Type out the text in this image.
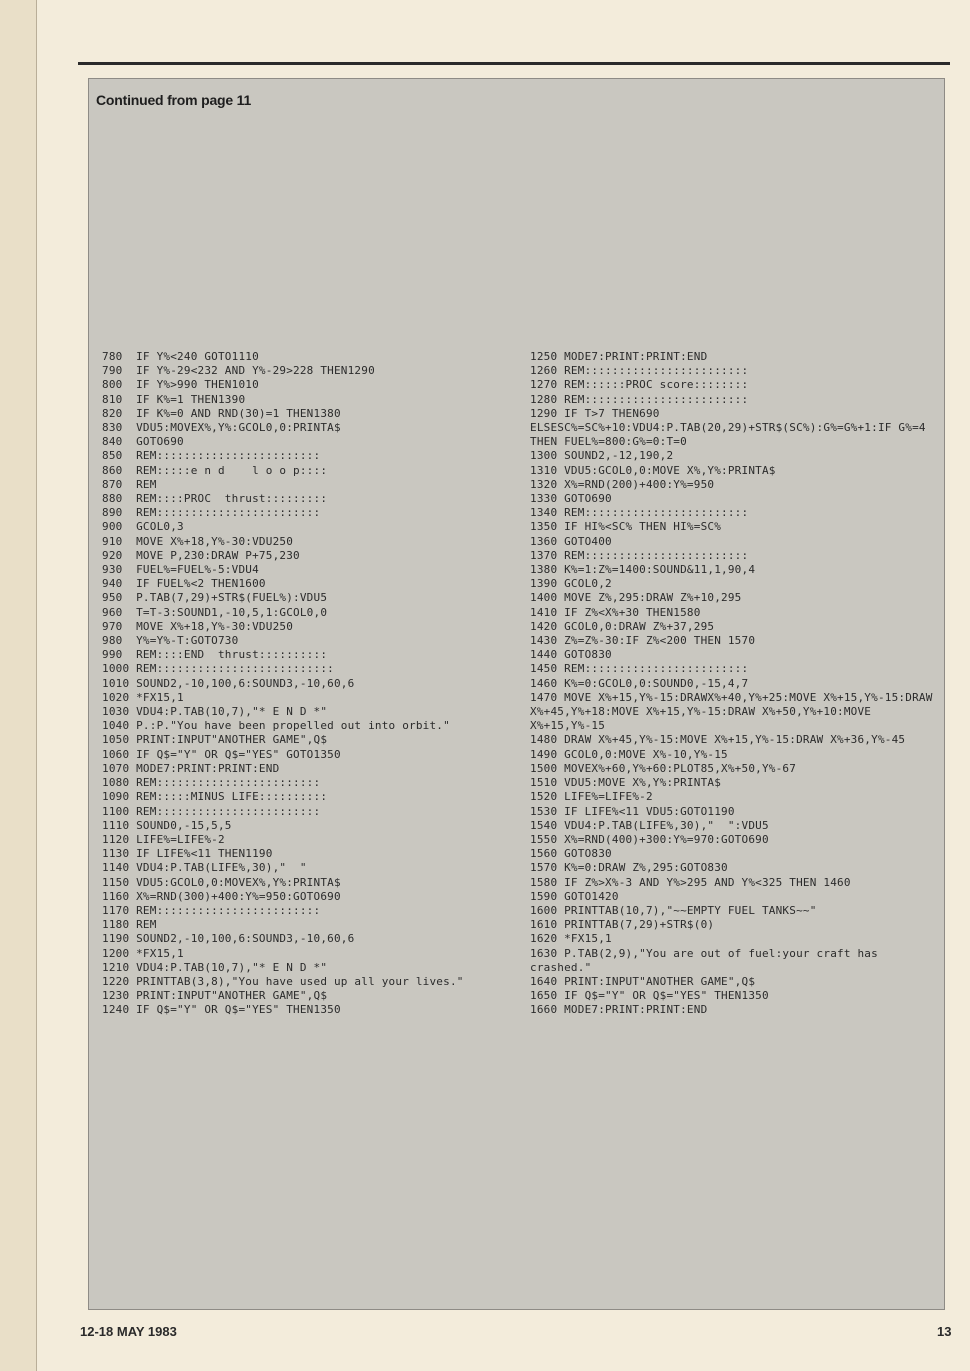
Continued from page 11
780  IF Y%<240 GOTO1110
790  IF Y%-29<232 AND Y%-29>228 THEN1290
800  IF Y%>990 THEN1010
810  IF K%=1 THEN1390
820  IF K%=0 AND RND(30)=1 THEN1380
830  VDU5:MOVEX%,Y%:GCOL0,0:PRINTA$
840  GOTO690
850  REM::::::::::::::::::::::::
860  REM:::::e n d    l o o p::::
870  REM
880  REM::::PROC  thrust:::::::::
890  REM::::::::::::::::::::::::
900  GCOL0,3
910  MOVE X%+18,Y%-30:VDU250
920  MOVE P,230:DRAW P+75,230
930  FUEL%=FUEL%-5:VDU4
940  IF FUEL%<2 THEN1600
950  P.TAB(7,29)+STR$(FUEL%):VDU5
960  T=T-3:SOUND1,-10,5,1:GCOL0,0
970  MOVE X%+18,Y%-30:VDU250
980  Y%=Y%-T:GOTO730
990  REM::::END  thrust::::::::::
1000 REM::::::::::::::::::::::::::
1010 SOUND2,-10,100,6:SOUND3,-10,60,6
1020 *FX15,1
1030 VDU4:P.TAB(10,7),"* E N D *"
1040 P.:P."You have been propelled out into orbit."
1050 PRINT:INPUT"ANOTHER GAME",Q$
1060 IF Q$="Y" OR Q$="YES" GOTO1350
1070 MODE7:PRINT:PRINT:END
1080 REM::::::::::::::::::::::::
1090 REM:::::MINUS LIFE::::::::::
1100 REM::::::::::::::::::::::::
1110 SOUND0,-15,5,5
1120 LIFE%=LIFE%-2
1130 IF LIFE%<11 THEN1190
1140 VDU4:P.TAB(LIFE%,30),"  "
1150 VDU5:GCOL0,0:MOVEX%,Y%:PRINTA$
1160 X%=RND(300)+400:Y%=950:GOTO690
1170 REM::::::::::::::::::::::::
1180 REM
1190 SOUND2,-10,100,6:SOUND3,-10,60,6
1200 *FX15,1
1210 VDU4:P.TAB(10,7),"* E N D *"
1220 PRINTTAB(3,8),"You have used up all your lives."
1230 PRINT:INPUT"ANOTHER GAME",Q$
1240 IF Q$="Y" OR Q$="YES" THEN1350
1250 MODE7:PRINT:PRINT:END
1260 REM::::::::::::::::::::::::
1270 REM::::::PROC score::::::::
1280 REM::::::::::::::::::::::::
1290 IF T>7 THEN690 ELSESC%=SC%+10:VDU4:P.TAB(20,29)+STR$(SC%):G%=G%+1:IF G%=4 THEN FUEL%=800:G%=0:T=0
1300 SOUND2,-12,190,2
1310 VDU5:GCOL0,0:MOVE X%,Y%:PRINTA$
1320 X%=RND(200)+400:Y%=950
1330 GOTO690
1340 REM::::::::::::::::::::::::
1350 IF HI%<SC% THEN HI%=SC%
1360 GOTO400
1370 REM::::::::::::::::::::::::
1380 K%=1:Z%=1400:SOUND&11,1,90,4
1390 GCOL0,2
1400 MOVE Z%,295:DRAW Z%+10,295
1410 IF Z%<X%+30 THEN1580
1420 GCOL0,0:DRAW Z%+37,295
1430 Z%=Z%-30:IF Z%<200 THEN 1570
1440 GOTO830
1450 REM::::::::::::::::::::::::
1460 K%=0:GCOL0,0:SOUND0,-15,4,7
1470 MOVE X%+15,Y%-15:DRAWX%+40,Y%+25:MOVE X%+15,Y%-15:DRAW X%+45,Y%+18:MOVE X%+15,Y%-15:DRAW X%+50,Y%+10:MOVE X%+15,Y%-15
1480 DRAW X%+45,Y%-15:MOVE X%+15,Y%-15:DRAW X%+36,Y%-45
1490 GCOL0,0:MOVE X%-10,Y%-15
1500 MOVEX%+60,Y%+60:PLOT85,X%+50,Y%-67
1510 VDU5:MOVE X%,Y%:PRINTA$
1520 LIFE%=LIFE%-2
1530 IF LIFE%<11 VDU5:GOTO1190
1540 VDU4:P.TAB(LIFE%,30),"  ":VDU5
1550 X%=RND(400)+300:Y%=970:GOTO690
1560 GOTO830
1570 K%=0:DRAW Z%,295:GOTO830
1580 IF Z%>X%-3 AND Y%>295 AND Y%<325 THEN 1460
1590 GOTO1420
1600 PRINTTAB(10,7),"~~EMPTY FUEL TANKS~~"
1610 PRINTTAB(7,29)+STR$(0)
1620 *FX15,1
1630 P.TAB(2,9),"You are out of fuel:your craft has crashed."
1640 PRINT:INPUT"ANOTHER GAME",Q$
1650 IF Q$="Y" OR Q$="YES" THEN1350
1660 MODE7:PRINT:PRINT:END
12-18 MAY 1983	13
